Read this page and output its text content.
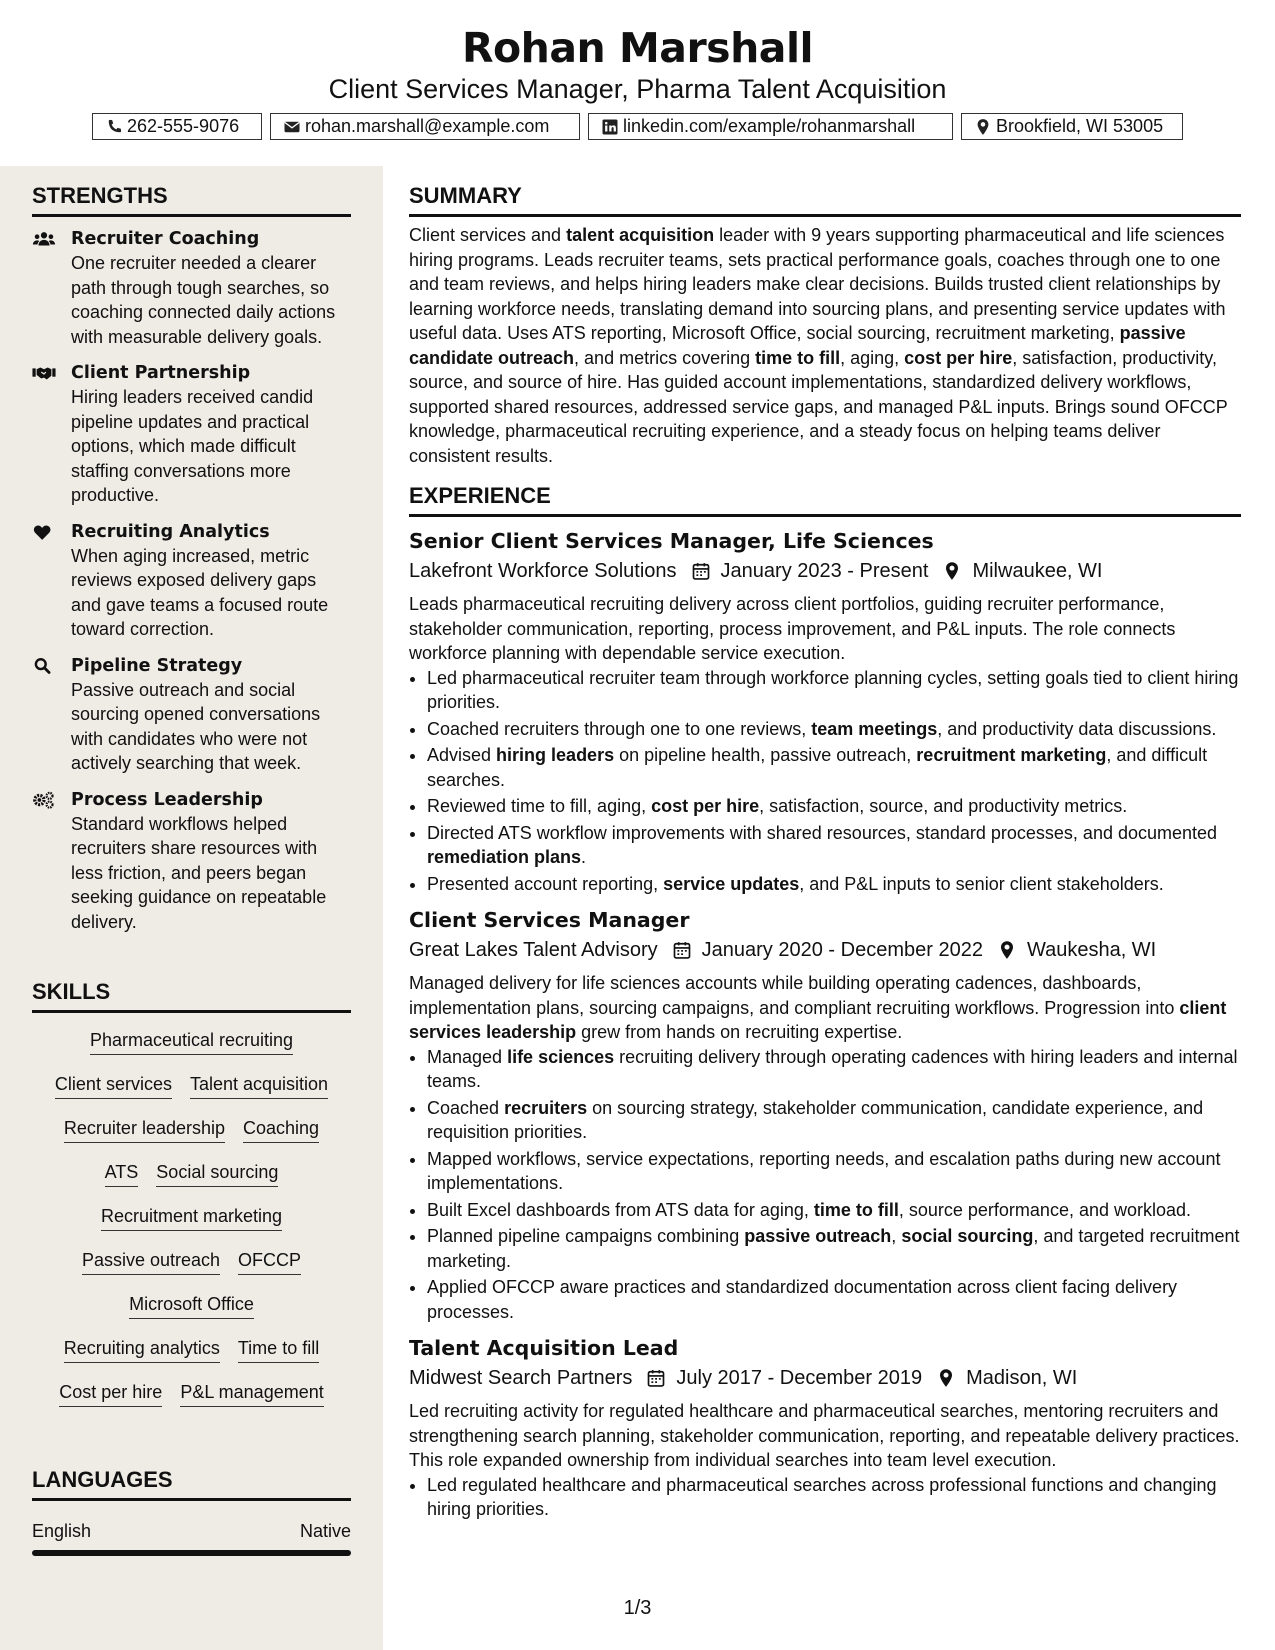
Rohan Marshall
Client Services Manager, Pharma Talent Acquisition
262-555-9076	rohan.marshall@example.com	linkedin.com/example/rohanmarshall	Brookfield, WI 53005
STRENGTHS
Recruiter Coaching
One recruiter needed a clearer path through tough searches, so coaching connected daily actions with measurable delivery goals.
Client Partnership
Hiring leaders received candid pipeline updates and practical options, which made difficult staffing conversations more productive.
Recruiting Analytics
When aging increased, metric reviews exposed delivery gaps and gave teams a focused route toward correction.
Pipeline Strategy
Passive outreach and social sourcing opened conversations with candidates who were not actively searching that week.
Process Leadership
Standard workflows helped recruiters share resources with less friction, and peers began seeking guidance on repeatable delivery.
SKILLS
Pharmaceutical recruiting
Client services Talent acquisition
Recruiter leadership Coaching
ATS Social sourcing
Recruitment marketing
Passive outreach OFCCP
Microsoft Office
Recruiting analytics Time to fill
Cost per hire P&L management
LANGUAGES
English	Native
SUMMARY
Client services and talent acquisition leader with 9 years supporting pharmaceutical and life sciences hiring programs. Leads recruiter teams, sets practical performance goals, coaches through one to one and team reviews, and helps hiring leaders make clear decisions. Builds trusted client relationships by learning workforce needs, translating demand into sourcing plans, and presenting service updates with useful data. Uses ATS reporting, Microsoft Office, social sourcing, recruitment marketing, passive candidate outreach, and metrics covering time to fill, aging, cost per hire, satisfaction, productivity, source, and source of hire. Has guided account implementations, standardized delivery workflows, supported shared resources, addressed service gaps, and managed P&L inputs. Brings sound OFCCP knowledge, pharmaceutical recruiting experience, and a steady focus on helping teams deliver consistent results.
EXPERIENCE
Senior Client Services Manager, Life Sciences
Lakefront Workforce Solutions January 2023 - Present Milwaukee, WI
Leads pharmaceutical recruiting delivery across client portfolios, guiding recruiter performance, stakeholder communication, reporting, process improvement, and P&L inputs. The role connects workforce planning with dependable service execution.
• Led pharmaceutical recruiter team through workforce planning cycles, setting goals tied to client hiring priorities.
• Coached recruiters through one to one reviews, team meetings, and productivity data discussions.
• Advised hiring leaders on pipeline health, passive outreach, recruitment marketing, and difficult searches.
• Reviewed time to fill, aging, cost per hire, satisfaction, source, and productivity metrics.
• Directed ATS workflow improvements with shared resources, standard processes, and documented remediation plans.
• Presented account reporting, service updates, and P&L inputs to senior client stakeholders.
Client Services Manager
Great Lakes Talent Advisory January 2020 - December 2022 Waukesha, WI
Managed delivery for life sciences accounts while building operating cadences, dashboards, implementation plans, sourcing campaigns, and compliant recruiting workflows. Progression into client services leadership grew from hands on recruiting expertise.
• Managed life sciences recruiting delivery through operating cadences with hiring leaders and internal teams.
• Coached recruiters on sourcing strategy, stakeholder communication, candidate experience, and requisition priorities.
• Mapped workflows, service expectations, reporting needs, and escalation paths during new account implementations.
• Built Excel dashboards from ATS data for aging, time to fill, source performance, and workload.
• Planned pipeline campaigns combining passive outreach, social sourcing, and targeted recruitment marketing.
• Applied OFCCP aware practices and standardized documentation across client facing delivery processes.
Talent Acquisition Lead
Midwest Search Partners July 2017 - December 2019 Madison, WI
Led recruiting activity for regulated healthcare and pharmaceutical searches, mentoring recruiters and strengthening search planning, stakeholder communication, reporting, and repeatable delivery practices. This role expanded ownership from individual searches into team level execution.
• Led regulated healthcare and pharmaceutical searches across professional functions and changing hiring priorities.
1/3
